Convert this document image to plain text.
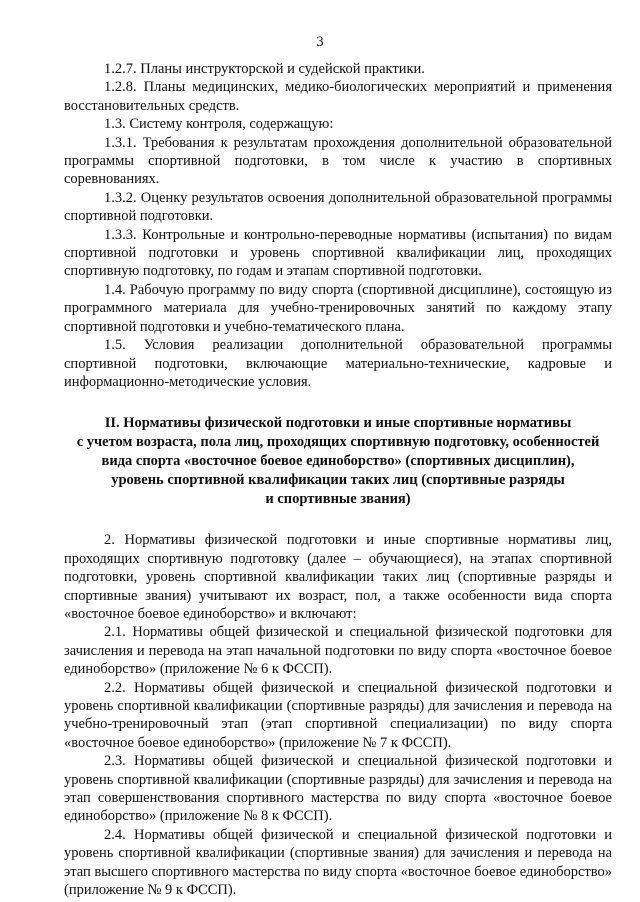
3

1.2.7. Планы инструкторской и судейской практики.

1.2.8. Планы медицинских, медико-биологических мероприятий и применения восстановительных средств.

1.3. Систему контроля, содержащую:

1.3.1. Требования к результатам прохождения дополнительной образовательной программы спортивной подготовки, в том числе к участию в спортивных соревнованиях.

1.3.2. Оценку результатов освоения дополнительной образовательной программы спортивной подготовки.

1.3.3. Контрольные и контрольно-переводные нормативы (испытания) по видам спортивной подготовки и уровень спортивной квалификации лиц, проходящих спортивную подготовку, по годам и этапам спортивной подготовки.

1.4. Рабочую программу по виду спорта (спортивной дисциплине), состоящую из программного материала для учебно-тренировочных занятий по каждому этапу спортивной подготовки и учебно-тематического плана.

1.5. Условия реализации дополнительной образовательной программы спортивной подготовки, включающие материально-технические, кадровые и информационно-методические условия.

II. Нормативы физической подготовки и иные спортивные нормативы
с учетом возраста, пола лиц, проходящих спортивную подготовку, особенностей
вида спорта «восточное боевое единоборство» (спортивных дисциплин),
уровень спортивной квалификации таких лиц (спортивные разряды
и спортивные звания)

2. Нормативы физической подготовки и иные спортивные нормативы лиц, проходящих спортивную подготовку (далее – обучающиеся), на этапах спортивной подготовки, уровень спортивной квалификации таких лиц (спортивные разряды и спортивные звания) учитывают их возраст, пол, а также особенности вида спорта «восточное боевое единоборство» и включают:

2.1. Нормативы общей физической и специальной физической подготовки для зачисления и перевода на этап начальной подготовки по виду спорта «восточное боевое единоборство» (приложение № 6 к ФССП).

2.2. Нормативы общей физической и специальной физической подготовки и уровень спортивной квалификации (спортивные разряды) для зачисления и перевода на учебно-тренировочный этап (этап спортивной специализации) по виду спорта «восточное боевое единоборство» (приложение № 7 к ФССП).

2.3. Нормативы общей физической и специальной физической подготовки и уровень спортивной квалификации (спортивные разряды) для зачисления и перевода на этап совершенствования спортивного мастерства по виду спорта «восточное боевое единоборство» (приложение № 8 к ФССП).

2.4. Нормативы общей физической и специальной физической подготовки и уровень спортивной квалификации (спортивные звания) для зачисления и перевода на этап высшего спортивного мастерства по виду спорта «восточное боевое единоборство» (приложение № 9 к ФССП).
